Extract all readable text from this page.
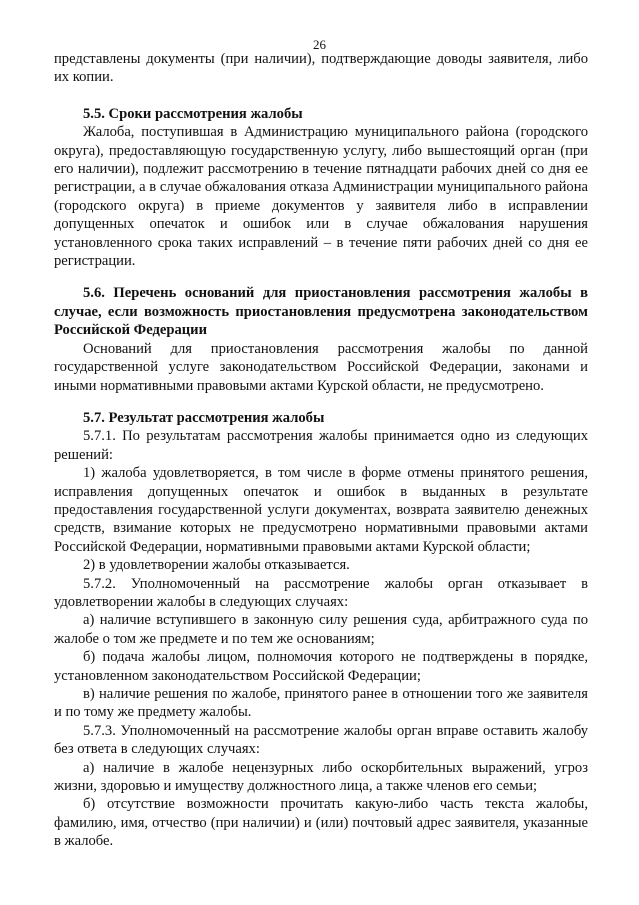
26

представлены документы (при наличии), подтверждающие доводы заявителя, либо их копии.

5.5. Сроки рассмотрения жалобы

Жалоба, поступившая в Администрацию муниципального района (городского округа), предоставляющую государственную услугу, либо вышестоящий орган (при его наличии), подлежит рассмотрению в течение пятнадцати рабочих дней со дня ее регистрации, а в случае обжалования отказа Администрации муниципального района (городского округа) в приеме документов у заявителя либо в исправлении допущенных опечаток и ошибок или в случае обжалования нарушения установленного срока таких исправлений – в течение пяти рабочих дней со дня ее регистрации.

5.6. Перечень оснований для приостановления рассмотрения жалобы в случае, если возможность приостановления предусмотрена законодательством Российской Федерации

Оснований для приостановления рассмотрения жалобы по данной государственной услуге законодательством Российской Федерации, законами и иными нормативными правовыми актами Курской области, не предусмотрено.

5.7. Результат рассмотрения жалобы

5.7.1. По результатам рассмотрения жалобы принимается одно из следующих решений:

1) жалоба удовлетворяется, в том числе в форме отмены принятого решения, исправления допущенных опечаток и ошибок в выданных в результате предоставления государственной услуги документах, возврата заявителю денежных средств, взимание которых не предусмотрено нормативными правовыми актами Российской Федерации, нормативными правовыми актами Курской области;

2) в удовлетворении жалобы отказывается.

5.7.2. Уполномоченный на рассмотрение жалобы орган отказывает в удовлетворении жалобы в следующих случаях:

а) наличие вступившего в законную силу решения суда, арбитражного суда по жалобе о том же предмете и по тем же основаниям;

б) подача жалобы лицом, полномочия которого не подтверждены в порядке, установленном законодательством Российской Федерации;

в) наличие решения по жалобе, принятого ранее в отношении того же заявителя и по тому же предмету жалобы.

5.7.3. Уполномоченный на рассмотрение жалобы орган вправе оставить жалобу без ответа в следующих случаях:

а) наличие в жалобе нецензурных либо оскорбительных выражений, угроз жизни, здоровью и имуществу должностного лица, а также членов его семьи;

б) отсутствие возможности прочитать какую-либо часть текста жалобы, фамилию, имя, отчество (при наличии) и (или) почтовый адрес заявителя, указанные в жалобе.
